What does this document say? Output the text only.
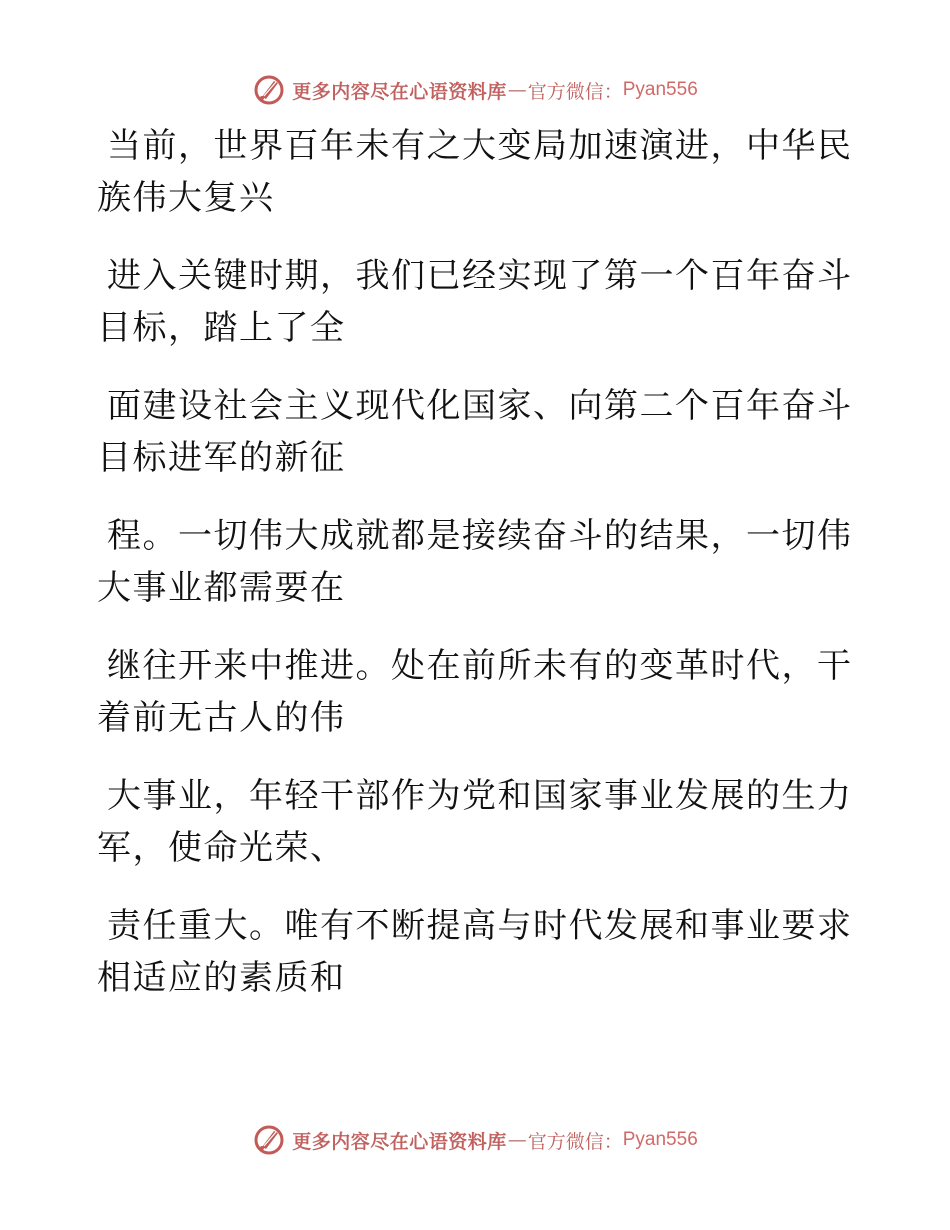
更多内容尽在心语资料库 — 官方微信： Pyan556
当前，世界百年未有之大变局加速演进，中华民
族伟大复兴
进入关键时期，我们已经实现了第一个百年奋斗
目标，踏上了全
面建设社会主义现代化国家、向第二个百年奋斗
目标进军的新征
程。一切伟大成就都是接续奋斗的结果，一切伟
大事业都需要在
继往开来中推进。处在前所未有的变革时代，干
着前无古人的伟
大事业，年轻干部作为党和国家事业发展的生力
军，使命光荣、
责任重大。唯有不断提高与时代发展和事业要求
相适应的素质和
更多内容尽在心语资料库 — 官方微信： Pyan556
